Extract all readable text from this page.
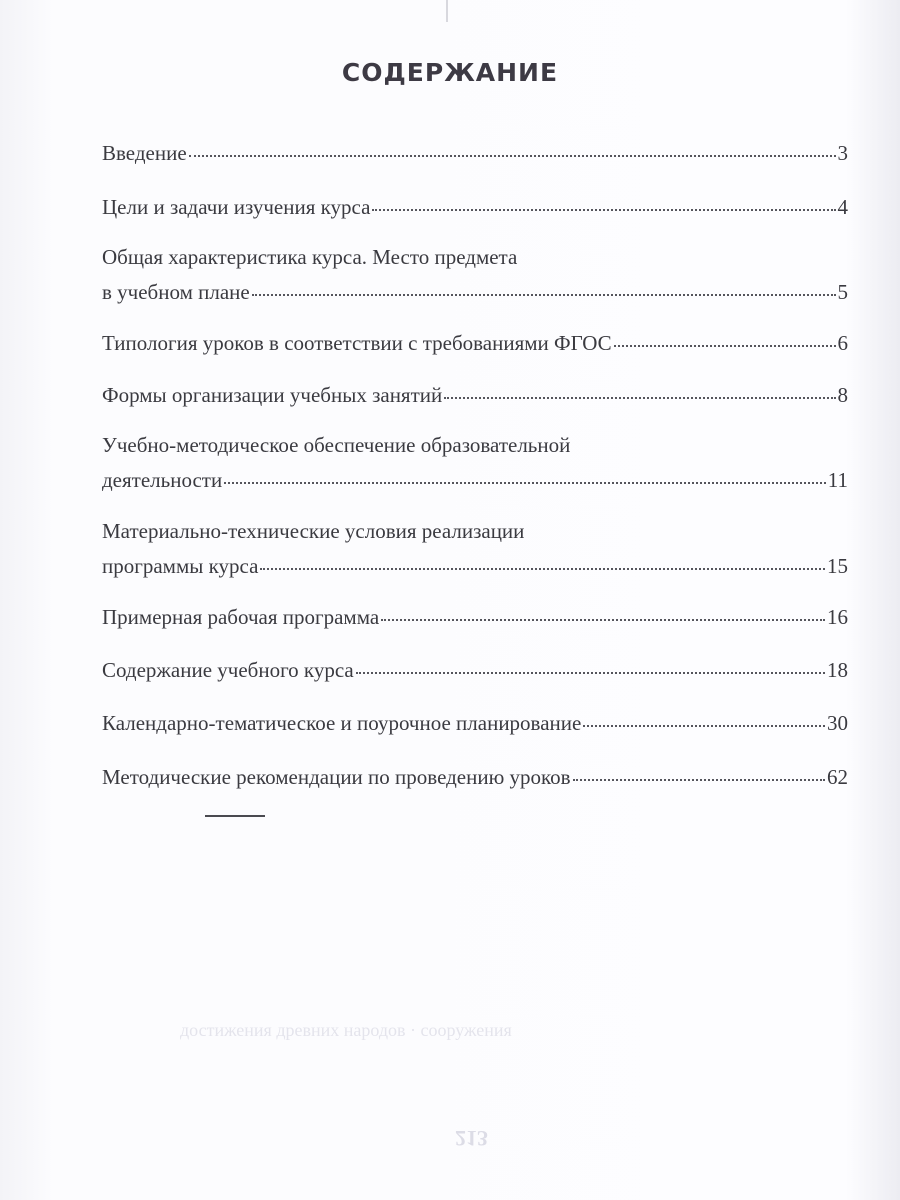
достижения древних народов · сооружения
213
СОДЕРЖАНИЕ
Введение	3
Цели и задачи изучения курса	4
Общая характеристика курса. Место предмета
в учебном плане	5
Типология уроков в соответствии с требованиями ФГОС	6
Формы организации учебных занятий	8
Учебно-методическое обеспечение образовательной
деятельности	11
Материально-технические условия реализации
программы курса	15
Примерная рабочая программа	16
Содержание учебного курса	18
Календарно-тематическое и поурочное планирование	30
Методические рекомендации по проведению уроков	62
